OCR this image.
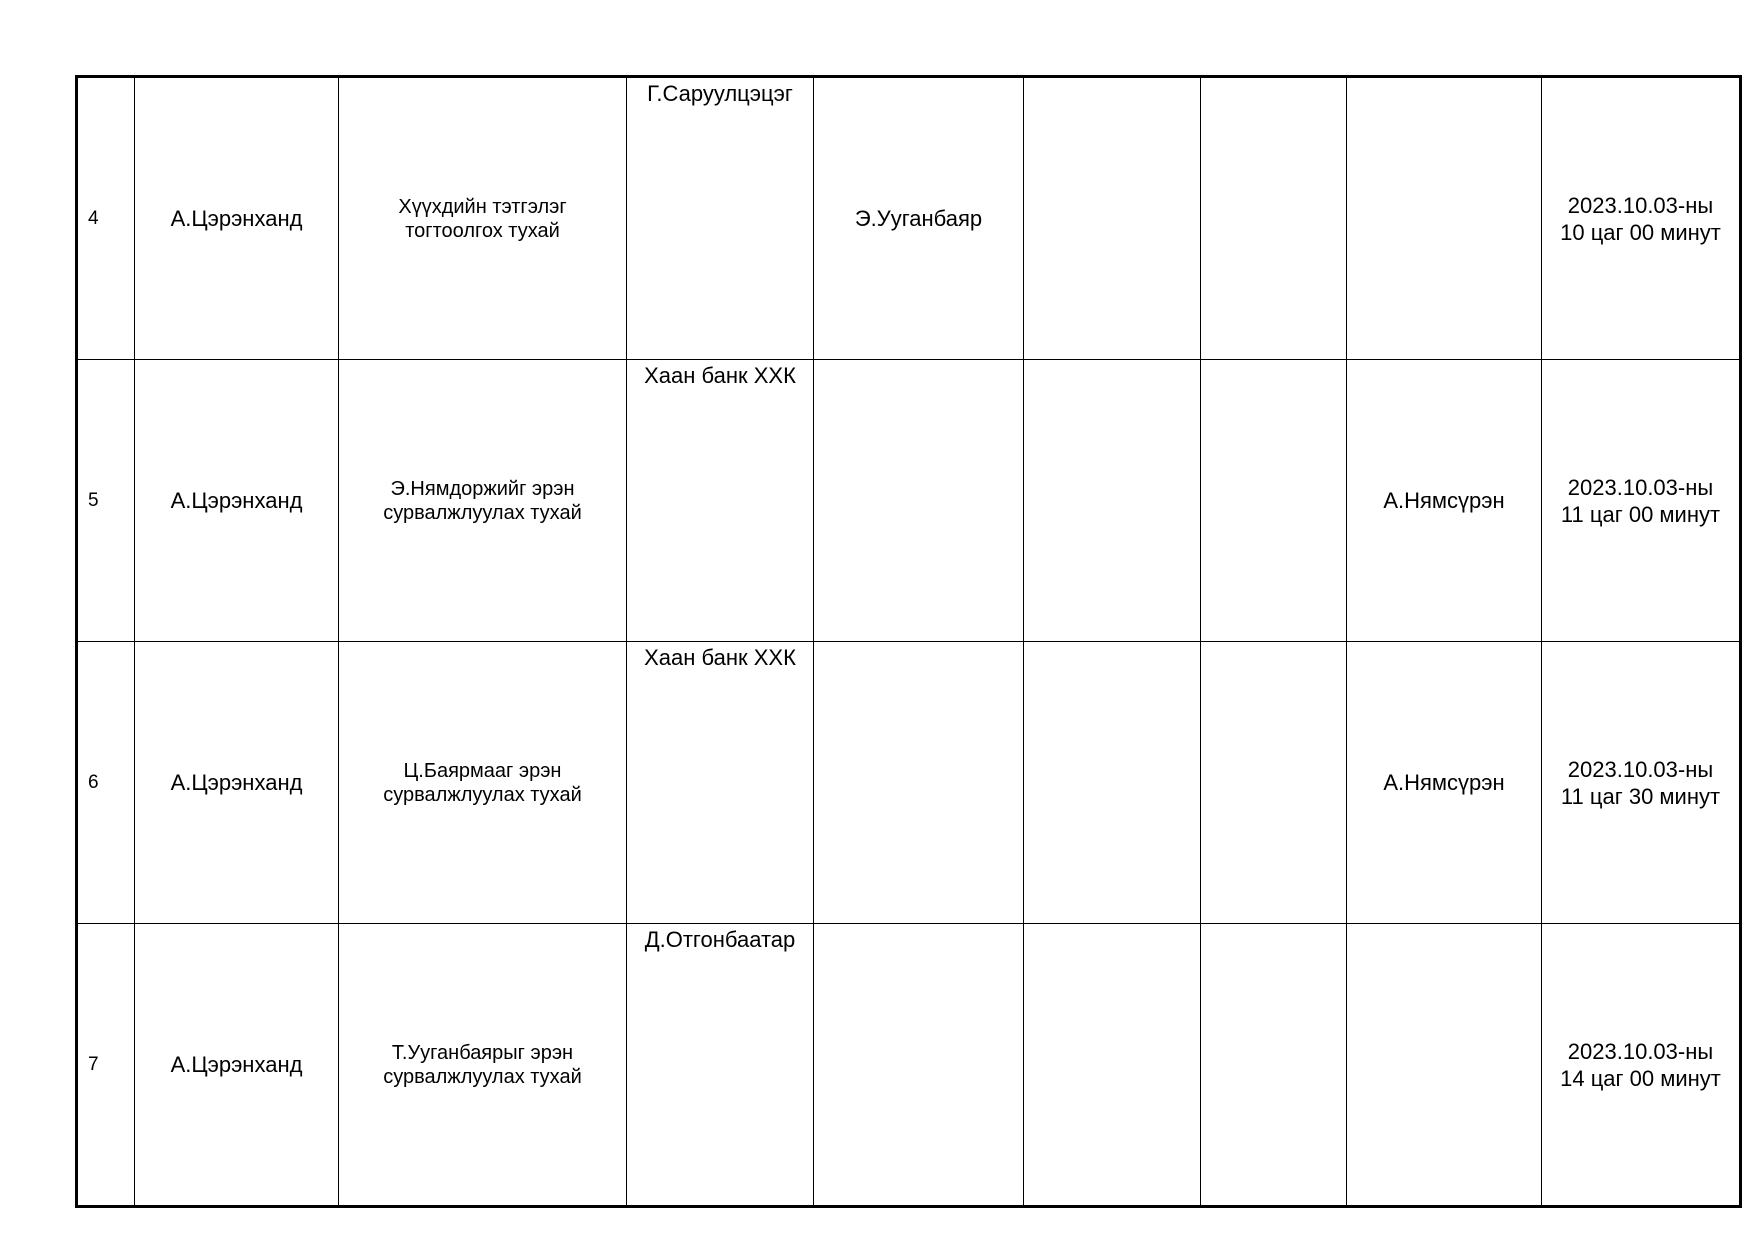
4	А.Цэрэнханд	Хүүхдийн тэтгэлэг
тогтоолгох тухай	Г.Саруулцэцэг	Э.Ууганбаяр				2023.10.03-ны
10 цаг 00 минут

5	А.Цэрэнханд	Э.Нямдоржийг эрэн
сурвалжлуулах тухай	Хаан банк ХХК				А.Нямсүрэн	2023.10.03-ны
11 цаг 00 минут

6	А.Цэрэнханд	Ц.Баярмааг эрэн
сурвалжлуулах тухай	Хаан банк ХХК				А.Нямсүрэн	2023.10.03-ны
11 цаг 30 минут

7	А.Цэрэнханд	Т.Ууганбаярыг эрэн
сурвалжлуулах тухай	Д.Отгонбаатар					2023.10.03-ны
14 цаг 00 минут
